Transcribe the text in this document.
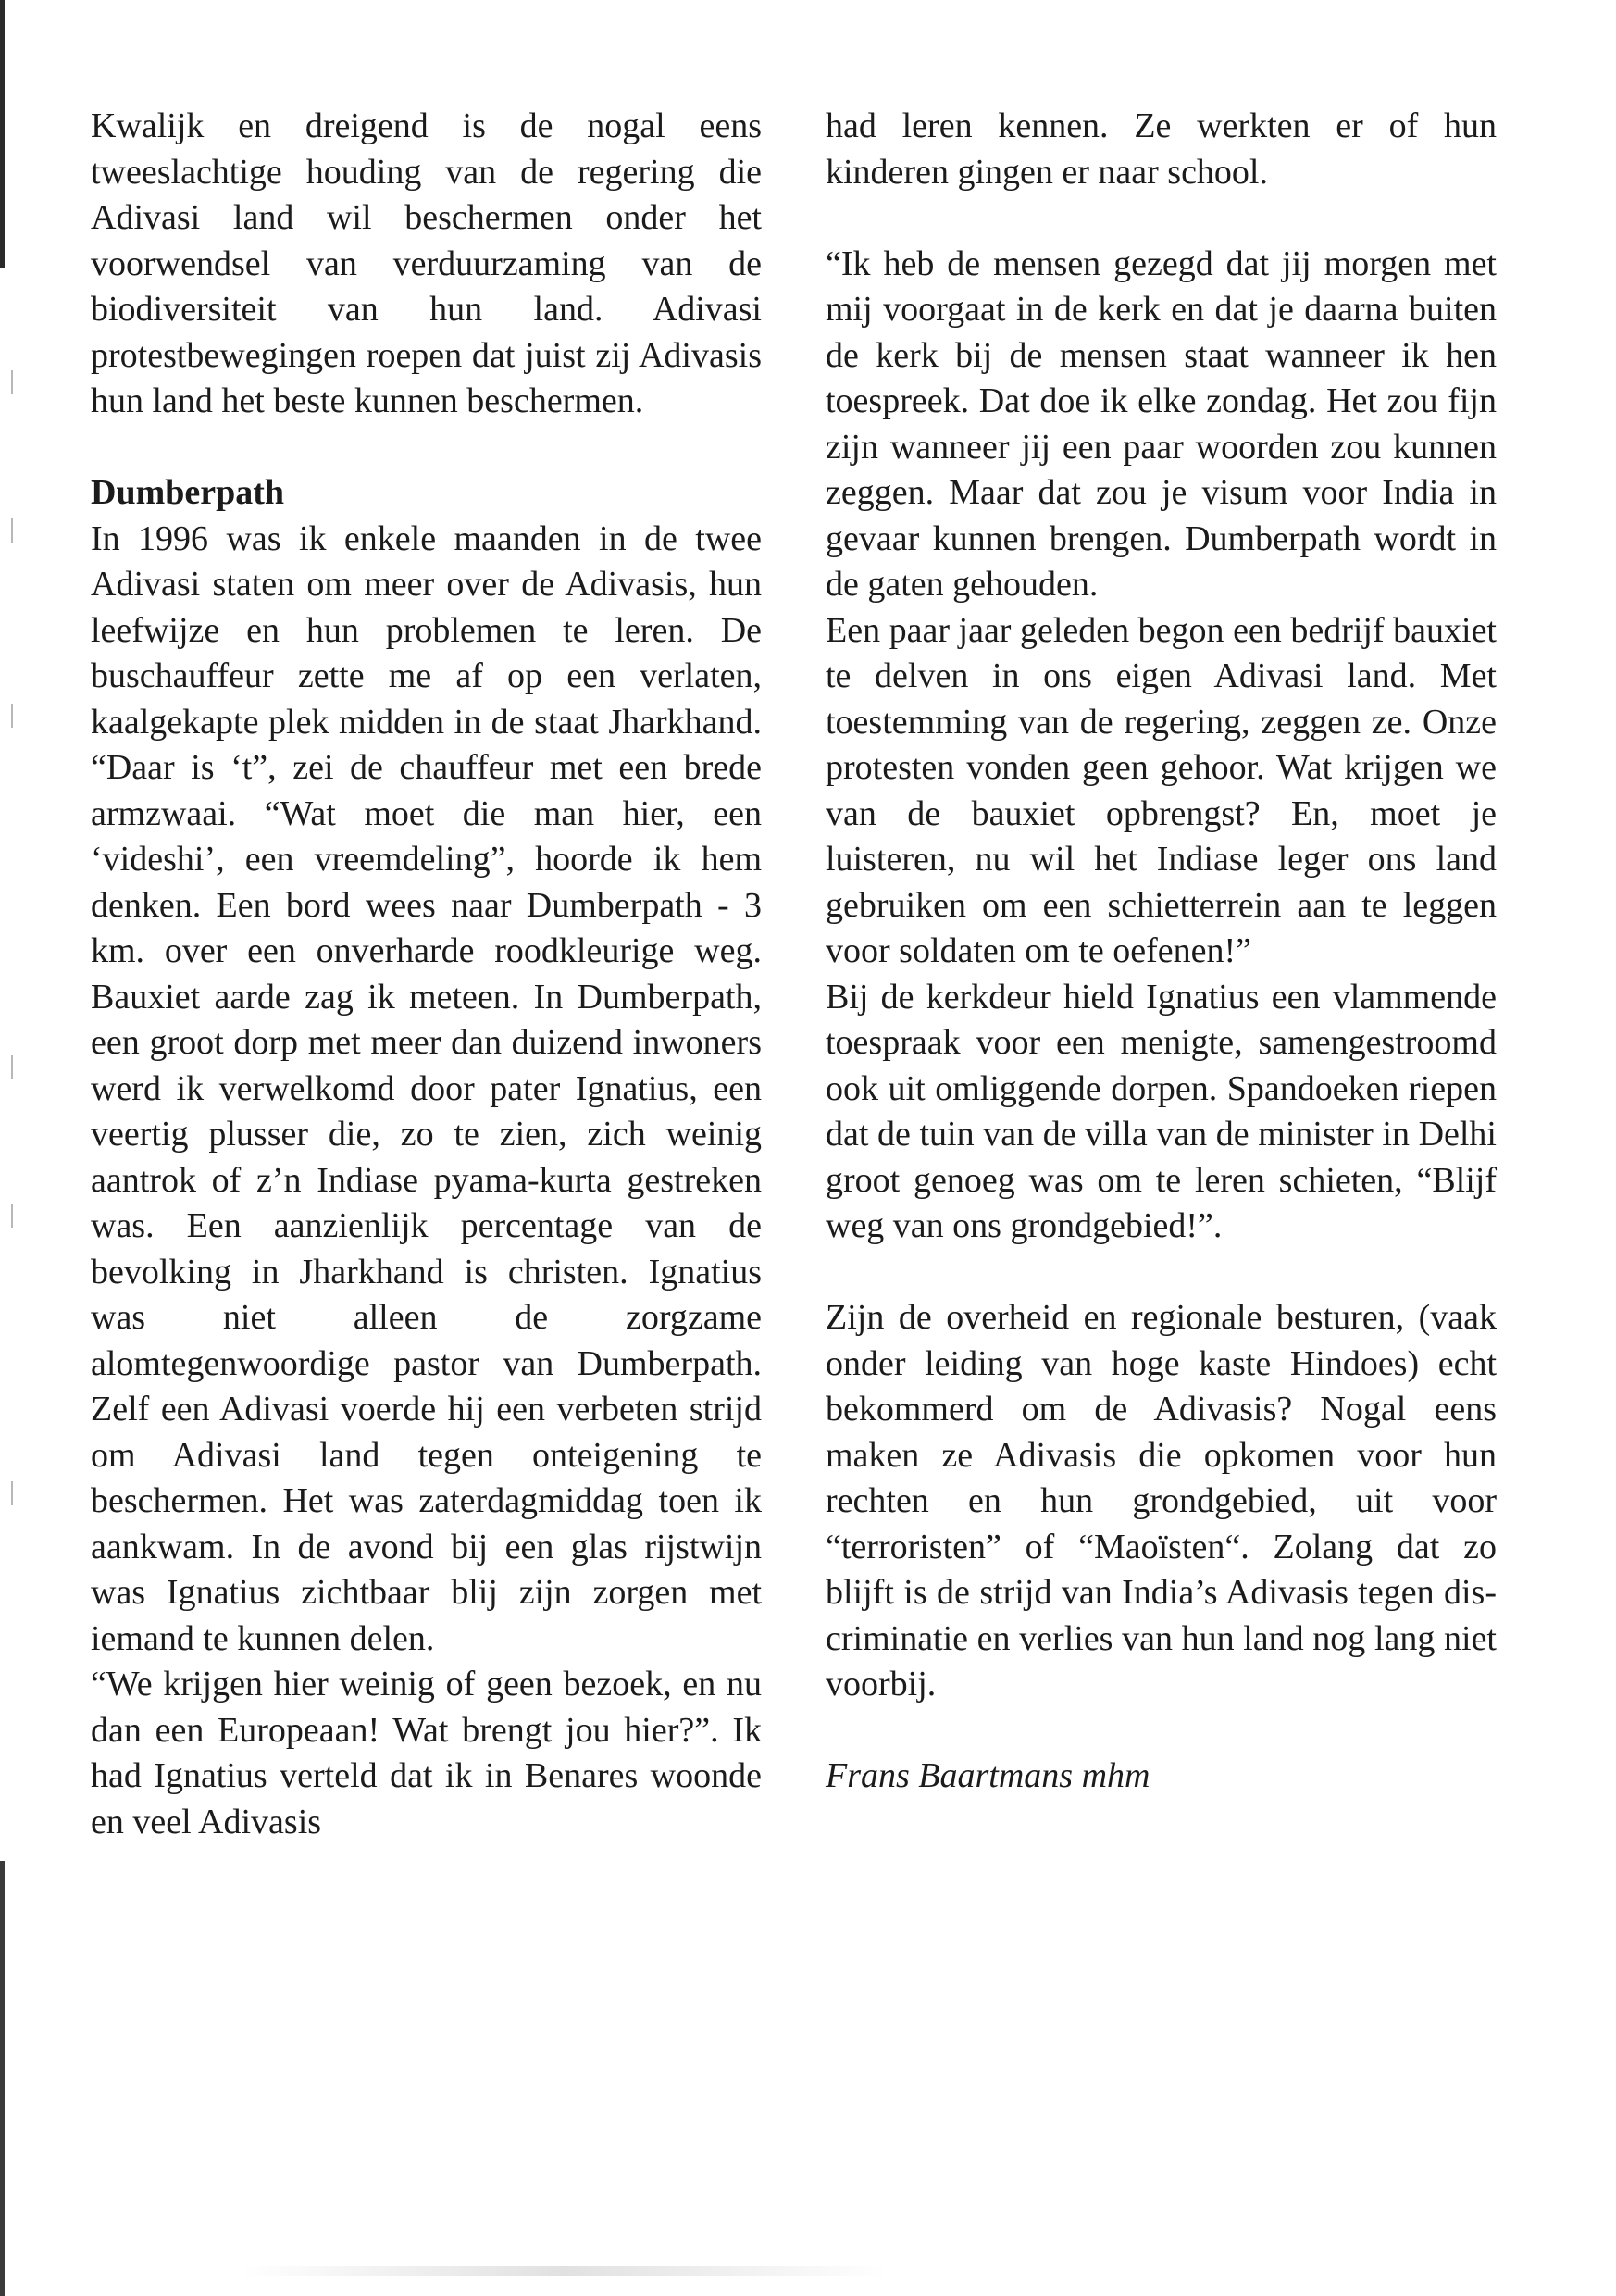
Kwalijk en dreigend is de nogal eens tweeslachtige houding van de regering die Adivasi land wil beschermen onder het voorwendsel van verduurzaming van de biodiversiteit van hun land. Adivasi protestbewegingen roepen dat juist zij Adivasis hun land het beste kunnen beschermen.

Dumberpath

In 1996 was ik enkele maanden in de twee Adivasi staten om meer over de Adivasis, hun leefwijze en hun problemen te leren. De buschauffeur zette me af op een verlaten, kaalgekapte plek midden in de staat Jharkhand. “Daar is ‘t”, zei de chauffeur met een brede armzwaai. “Wat moet die man hier, een ‘videshi’, een vreemdeling”, hoorde ik hem denken. Een bord wees naar Dumberpath - 3 km. over een onverharde roodkleurige weg. Bauxiet aarde zag ik meteen. In Dumberpath, een groot dorp met meer dan duizend inwoners werd ik verwelkomd door pater Ignatius, een veertig plusser die, zo te zien, zich weinig aantrok of z’n Indiase pyama-kurta gestreken was. Een aanzienlijk percentage van de bevolking in Jharkhand is christen. Ignatius was niet alleen de zorgzame alomtegenwoordige pastor van Dumberpath. Zelf een Adivasi voerde hij een verbeten strijd om Adivasi land tegen onteigening te beschermen. Het was zaterdagmiddag toen ik aankwam. In de avond bij een glas rijstwijn was Ignatius zichtbaar blij zijn zorgen met iemand te kunnen delen.

“We krijgen hier weinig of geen bezoek, en nu dan een Europeaan! Wat brengt jou hier?”. Ik had Ignatius verteld dat ik in Benares woonde en veel Adivasis

had leren kennen. Ze werkten er of hun kinderen gingen er naar school.

“Ik heb de mensen gezegd dat jij morgen met mij voorgaat in de kerk en dat je daarna buiten de kerk bij de mensen staat wanneer ik hen toespreek. Dat doe ik elke zondag. Het zou fijn zijn wanneer jij een paar woorden zou kunnen zeggen. Maar dat zou je visum voor India in gevaar kunnen brengen. Dumberpath wordt in de gaten gehouden.

Een paar jaar geleden begon een bedrijf bauxiet te delven in ons eigen Adivasi land. Met toestemming van de regering, zeggen ze. Onze protesten vonden geen gehoor. Wat krijgen we van de bauxiet opbrengst? En, moet je luisteren, nu wil het Indiase leger ons land gebruiken om een schietterrein aan te leggen voor soldaten om te oefenen!”

Bij de kerkdeur hield Ignatius een vlammende toespraak voor een menigte, samengestroomd ook uit omliggende dorpen. Spandoeken riepen dat de tuin van de villa van de minister in Delhi groot genoeg was om te leren schieten, “Blijf weg van ons grondgebied!”.

Zijn de overheid en regionale besturen, (vaak onder leiding van hoge kaste Hindoes) echt bekommerd om de Adivasis? Nogal eens maken ze Adivasis die opkomen voor hun rechten en hun grondgebied, uit voor “terroristen” of “Maoïsten“. Zolang dat zo blijft is de strijd van India’s Adivasis tegen discriminatie en verlies van hun land nog lang niet voorbij.

Frans Baartmans mhm
